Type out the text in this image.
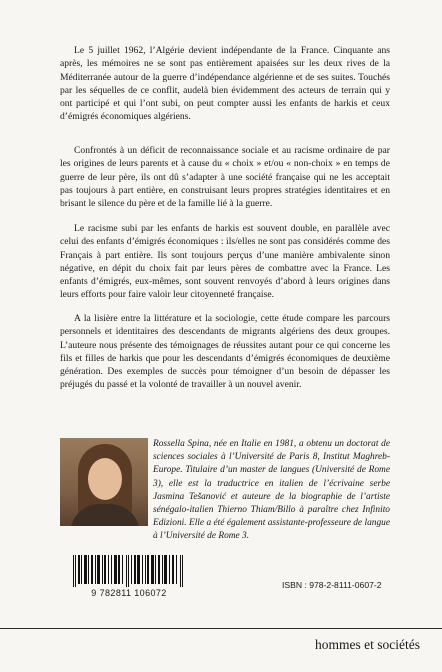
Le 5 juillet 1962, l’Algérie devient indépendante de la France. Cinquante ans après, les mémoires ne se sont pas entièrement apaisées sur les deux rives de la Méditerranée autour de la guerre d’indépendance algérienne et de ses suites. Touchés par les séquelles de ce conflit, audelà bien évidemment des acteurs de terrain qui y ont participé et qui l’ont subi, on peut compter aussi les enfants de harkis et ceux d’émigrés économiques algériens.

Confrontés à un déficit de reconnaissance sociale et au racisme ordinaire de par les origines de leurs parents et à cause du « choix » et/ou « non-choix » en temps de guerre de leur père, ils ont dû s’adapter à une société française qui ne les acceptait pas toujours à part entière, en construisant leurs propres stratégies identitaires et en brisant le silence du père et de la famille lié à la guerre.

Le racisme subi par les enfants de harkis est souvent double, en parallèle avec celui des enfants d’émigrés économiques : ils/elles ne sont pas considérés comme des Français à part entière. Ils sont toujours perçus d’une manière ambivalente sinon négative, en dépit du choix fait par leurs pères de combattre avec la France. Les enfants d’émigrés, eux-mêmes, sont souvent renvoyés d’abord à leurs origines dans leurs efforts pour faire valoir leur citoyenneté française.

A la lisière entre la littérature et la sociologie, cette étude compare les parcours personnels et identitaires des descendants de migrants algériens des deux groupes. L’auteure nous présente des témoignages de réussites autant pour ce qui concerne les fils et filles de harkis que pour les descendants d’émigrés économiques de deuxième génération. Des exemples de succès pour témoigner d’un besoin de dépasser les préjugés du passé et la volonté de travailler à un nouvel avenir.

Rossella Spina, née en Italie en 1981, a obtenu un doctorat de sciences sociales à l’Université de Paris 8, Institut Maghreb-Europe. Titulaire d’un master de langues (Université de Rome 3), elle est la traductrice en italien de l’écrivaine serbe Jasmina Tešanović et auteure de la biographie de l’artiste sénégalo-italien Thierno Thiam/Billo à paraître chez Infinito Edizioni. Elle a été également assistante-professeure de langue à l’Université de Rome 3.

9 782811 106072
ISBN : 978-2-8111-0607-2
hommes et sociétés
